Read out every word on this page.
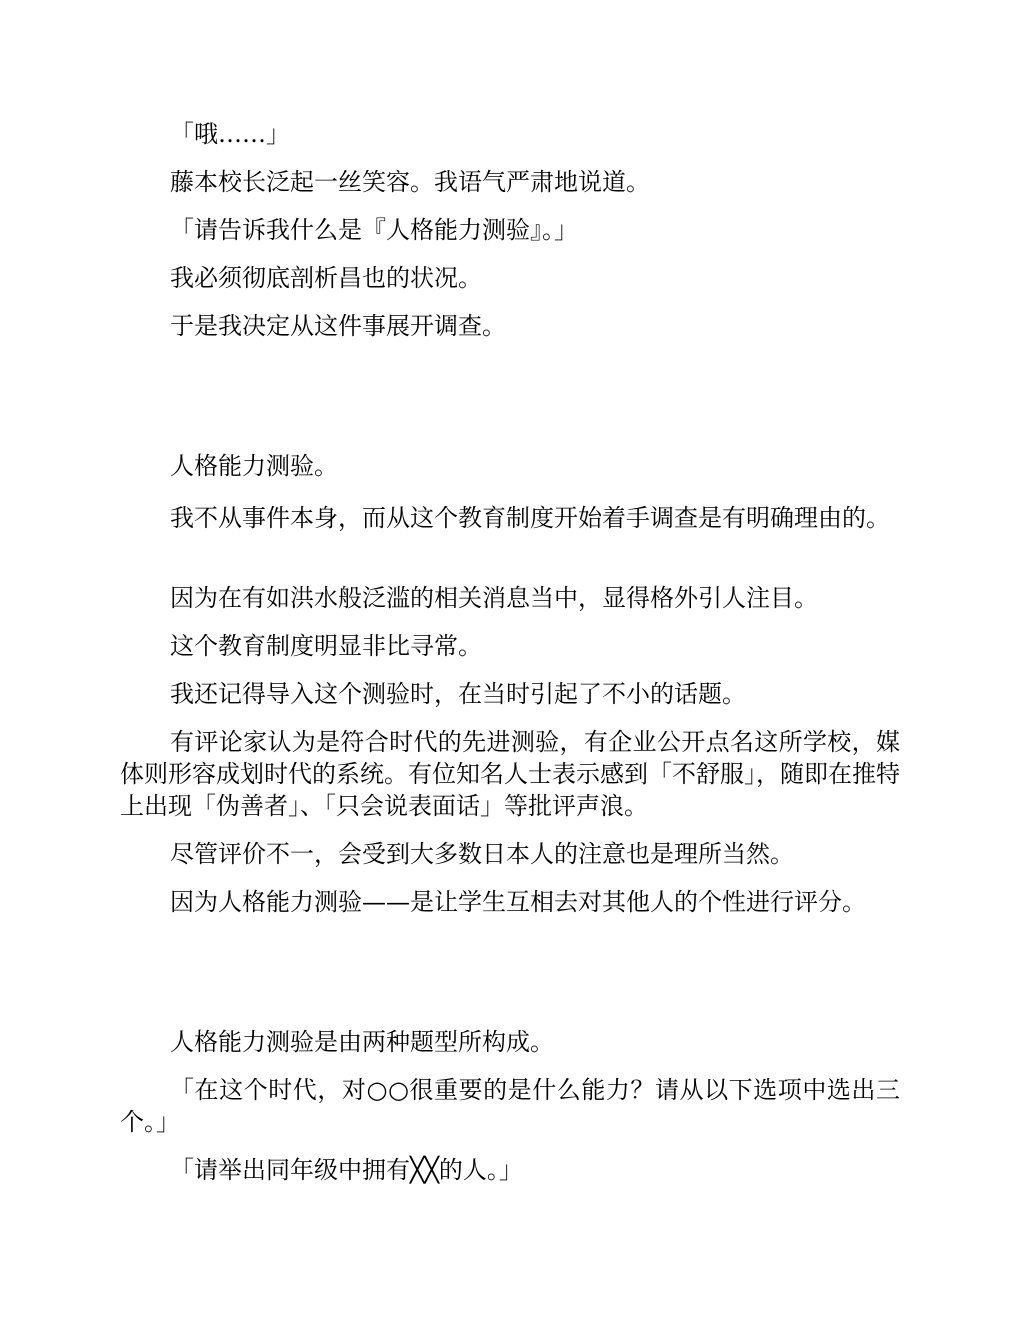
「哦……」

藤本校长泛起一丝笑容。我语气严肃地说道。

「请告诉我什么是『人格能力测验』。」

我必须彻底剖析昌也的状况。

于是我决定从这件事展开调查。

人格能力测验。

我不从事件本身，而从这个教育制度开始着手调查是有明确理由的。

因为在有如洪水般泛滥的相关消息当中，显得格外引人注目。

这个教育制度明显非比寻常。

我还记得导入这个测验时，在当时引起了不小的话题。

有评论家认为是符合时代的先进测验，有企业公开点名这所学校，媒体则形容成划时代的系统。有位知名人士表示感到「不舒服」，随即在推特上出现「伪善者」、「只会说表面话」等批评声浪。

尽管评价不一，会受到大多数日本人的注意也是理所当然。

因为人格能力测验——是让学生互相去对其他人的个性进行评分。

人格能力测验是由两种题型所构成。

「在这个时代，对○○很重要的是什么能力？请从以下选项中选出三个。」

「请举出同年级中拥有╳╳的人。」
